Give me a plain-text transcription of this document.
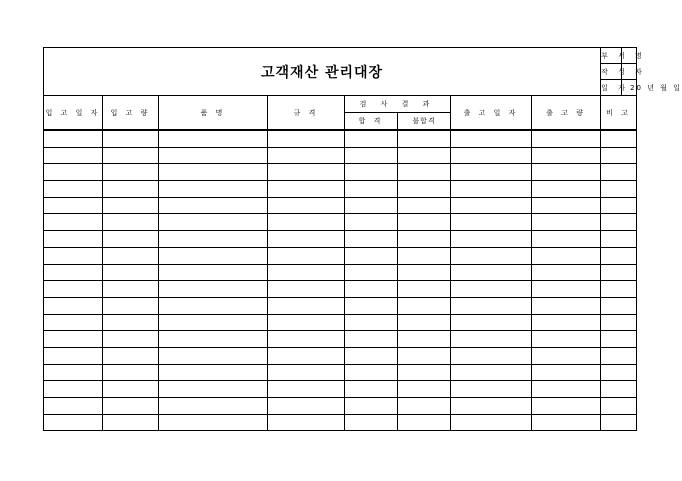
고객재산 관리대장	부 서 명	
	작 성 자	
	일 자	20 년 월 일
입 고 일 자	입 고 량	품 명	규 격	검 사 결 과		출 고 일 자	출 고 량	비 고
				합 격	불합격			
